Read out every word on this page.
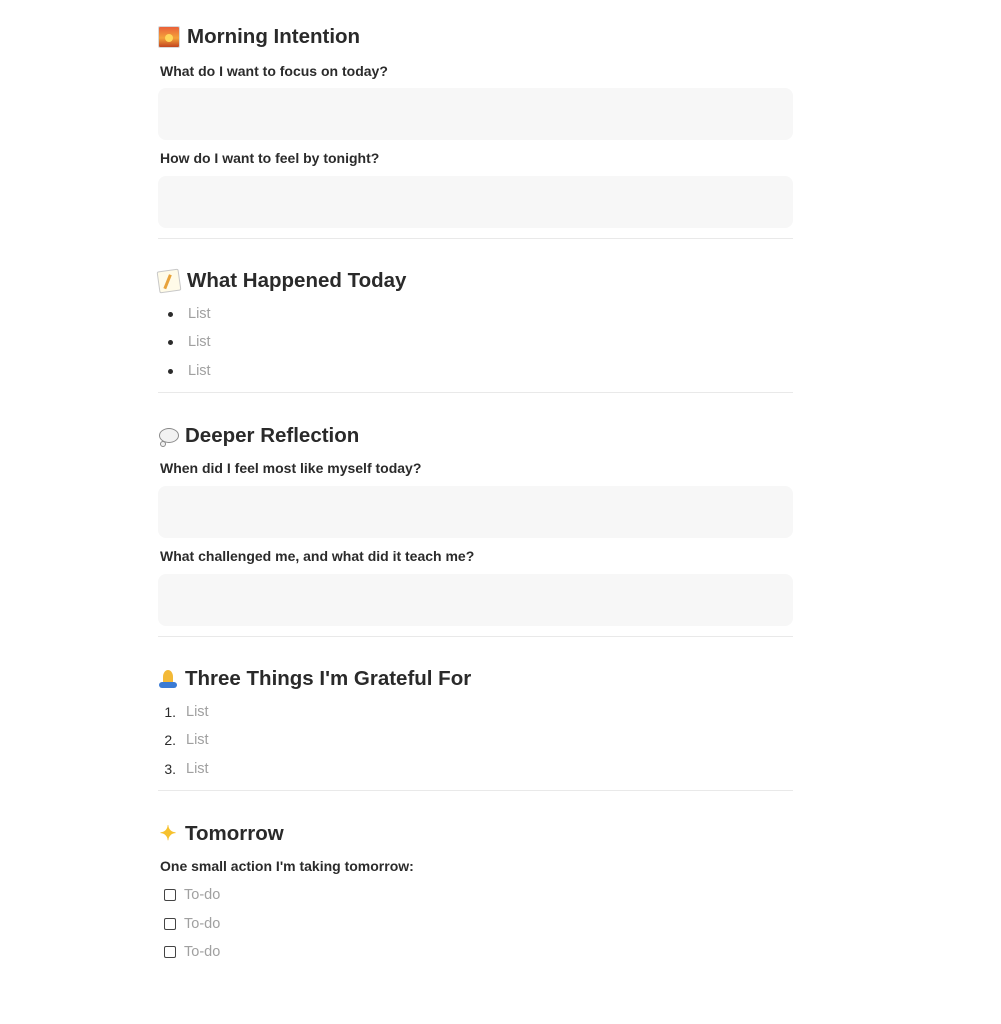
Morning Intention
What do I want to focus on today?
How do I want to feel by tonight?
What Happened Today
List
List
List
Deeper Reflection
When did I feel most like myself today?
What challenged me, and what did it teach me?
Three Things I'm Grateful For
1. List
2. List
3. List
✦ Tomorrow
One small action I'm taking tomorrow:
To-do
To-do
To-do
